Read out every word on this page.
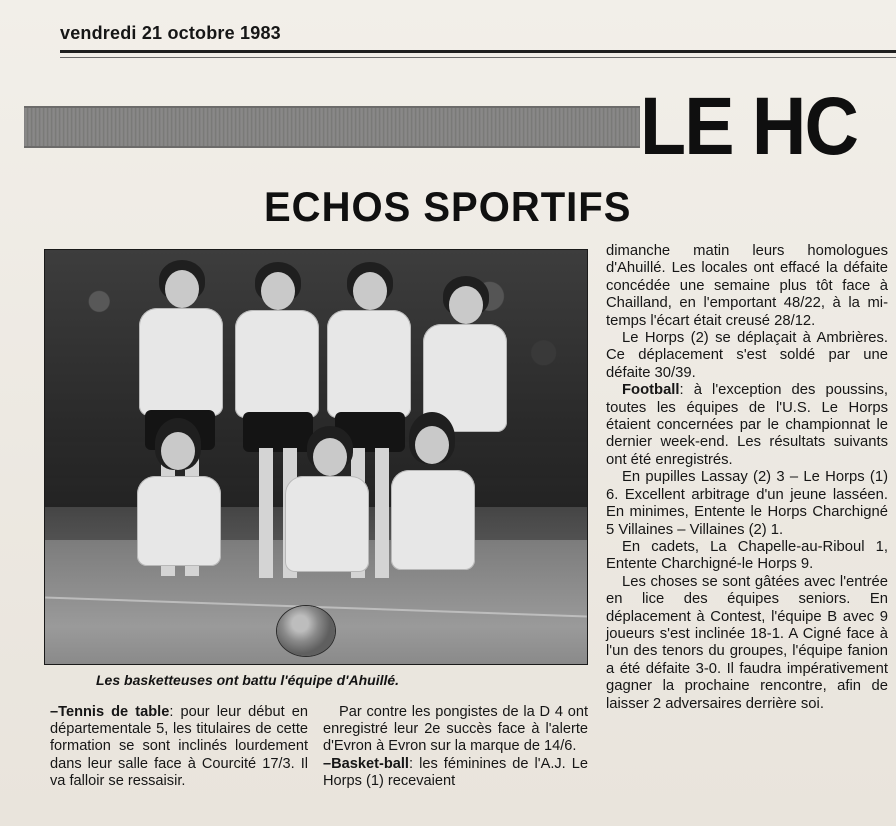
vendredi 21 octobre 1983
LE HC
ECHOS SPORTIFS
Les basketteuses ont battu l'équipe d'Ahuillé.

–Tennis de table: pour leur début en départementale 5, les titulaires de cette formation se sont inclinés lourdement dans leur salle face à Courcité 17/3. Il va falloir se ressaisir.

Par contre les pongistes de la D 4 ont enregistré leur 2e succès face à l'alerte d'Evron à Evron sur la marque de 14/6.

–Basket-ball: les féminines de l'A.J. Le Horps (1) recevaient

dimanche matin leurs homologues d'Ahuillé. Les locales ont effacé la défaite concédée une semaine plus tôt face à Chailland, en l'emportant 48/22, à la mi-temps l'écart était creusé 28/12.

Le Horps (2) se déplaçait à Ambrières. Ce déplacement s'est soldé par une défaite 30/39.

Football: à l'exception des poussins, toutes les équipes de l'U.S. Le Horps étaient concernées par le championnat le dernier week-end. Les résultats suivants ont été enregistrés.

En pupilles Lassay (2) 3 – Le Horps (1) 6. Excellent arbitrage d'un jeune lasséen. En minimes, Entente le Horps Charchigné 5 Villaines – Villaines (2) 1.

En cadets, La Chapelle-au-Riboul 1, Entente Charchigné-le Horps 9.

Les choses se sont gâtées avec l'entrée en lice des équipes seniors. En déplacement à Contest, l'équipe B avec 9 joueurs s'est inclinée 18-1. A Cigné face à l'un des tenors du groupes, l'équipe fanion a été défaite 3-0. Il faudra impérativement gagner la prochaine rencontre, afin de laisser 2 adversaires derrière soi.
